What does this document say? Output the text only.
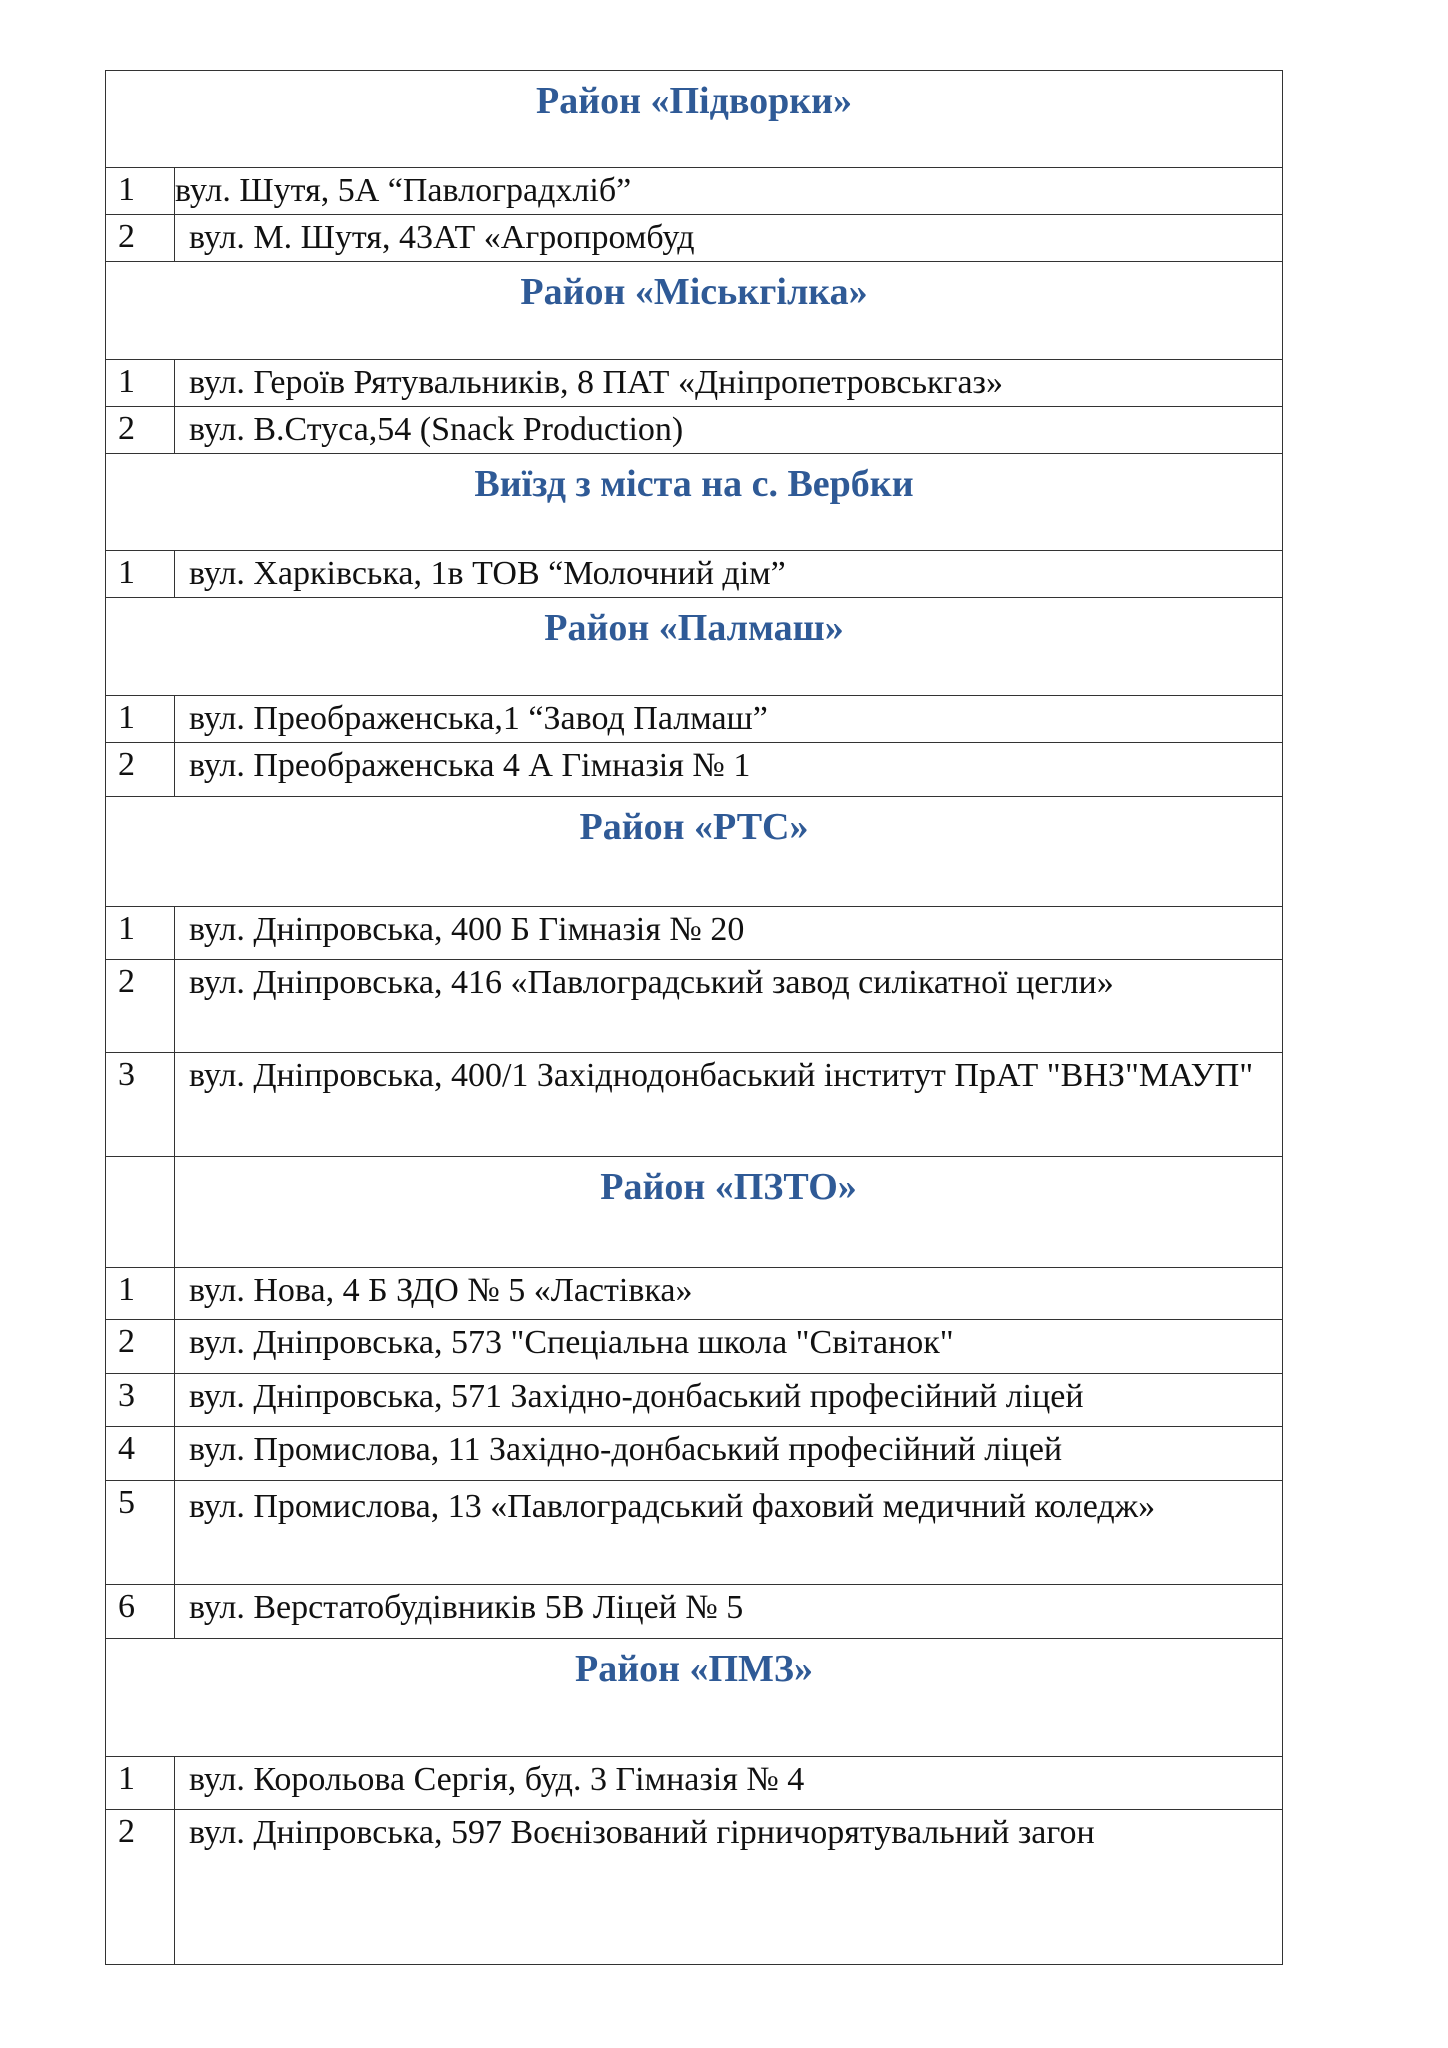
Район «Підворки»	
1	вул. Шутя, 5А “Павлоградхліб”
2	вул. М. Шутя, 43АТ «Агропромбуд
Район «Міськгілка»	
1	вул. Героїв Рятувальників, 8 ПАТ «Дніпропетровськгаз»
2	вул. В.Стуса,54 (Snack Production)
Виїзд з міста на с. Вербки	
1	вул. Харківська, 1в ТОВ “Молочний дім”
Район «Палмаш»	
1	вул. Преображенська,1 “Завод Палмаш”
2	вул. Преображенська 4 А Гімназія № 1
Район «РТС»	
1	вул. Дніпровська, 400 Б Гімназія № 20
2	вул. Дніпровська, 416 «Павлоградський завод силікатної цегли»
3	вул. Дніпровська, 400/1 Західнодонбаський інститут ПрАТ "ВНЗ"МАУП"
	Район «ПЗТО»
1	вул. Нова, 4 Б ЗДО № 5 «Ластівка»
2	вул. Дніпровська, 573 "Спеціальна школа "Світанок"
3	вул. Дніпровська, 571 Західно-донбаський професійний ліцей
4	вул. Промислова, 11 Західно-донбаський професійний ліцей
5	вул. Промислова, 13 «Павлоградський фаховий медичний коледж»
6	вул. Верстатобудівників 5В Ліцей № 5
Район «ПМЗ»	
1	вул. Корольова Сергія, буд. 3 Гімназія № 4
2	вул. Дніпровська, 597 Воєнізований гірничорятувальний загон
